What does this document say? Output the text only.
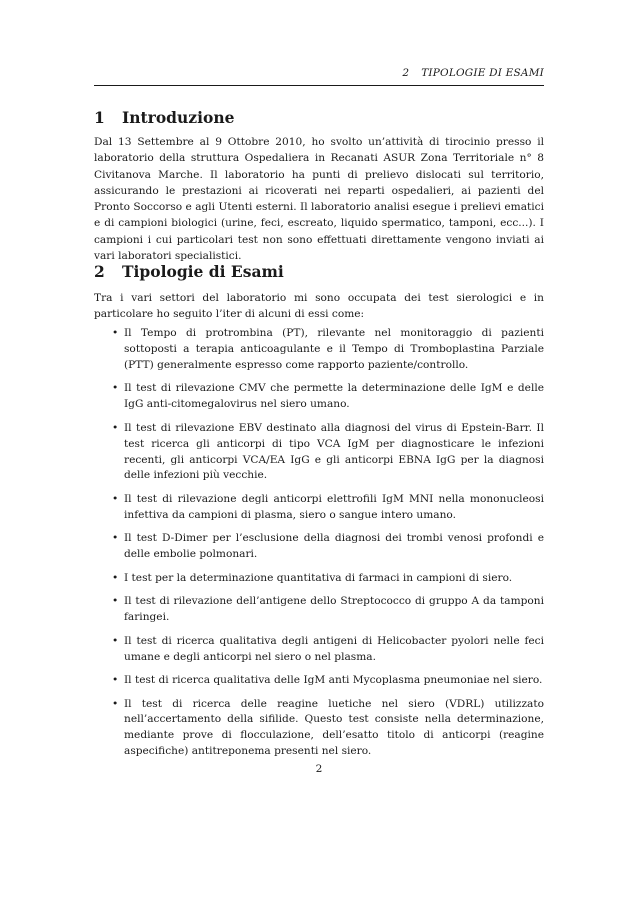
2 TIPOLOGIE DI ESAMI
1 Introduzione

Dal 13 Settembre al 9 Ottobre 2010, ho svolto un’attività di tirocinio presso il laboratorio della struttura Ospedaliera in Recanati ASUR Zona Territoriale n° 8 Civitanova Marche. Il laboratorio ha punti di prelievo dislocati sul territorio, assicurando le prestazioni ai ricoverati nei reparti ospedalieri, ai pazienti del Pronto Soccorso e agli Utenti esterni. Il laboratorio analisi esegue i prelievi ematici e di campioni biologici (urine, feci, escreato, liquido spermatico, tamponi, ecc...). I campioni i cui particolari test non sono effettuati direttamente vengono inviati ai vari laboratori specialistici.

2 Tipologie di Esami

Tra i vari settori del laboratorio mi sono occupata dei test sierologici e in particolare ho seguito l’iter di alcuni di essi come:

• Il Tempo di protrombina (PT), rilevante nel monitoraggio di pazienti sottoposti a terapia anticoagulante e il Tempo di Tromboplastina Parziale (PTT) generalmente espresso come rapporto paziente/controllo.
• Il test di rilevazione CMV che permette la determinazione delle IgM e delle IgG anti-citomegalovirus nel siero umano.
• Il test di rilevazione EBV destinato alla diagnosi del virus di Epstein-Barr. Il test ricerca gli anticorpi di tipo VCA IgM per diagnosticare le infezioni recenti, gli anticorpi VCA/EA IgG e gli anticorpi EBNA IgG per la diagnosi delle infezioni più vecchie.
• Il test di rilevazione degli anticorpi elettrofili IgM MNI nella mononucleosi infettiva da campioni di plasma, siero o sangue intero umano.
• Il test D-Dimer per l’esclusione della diagnosi dei trombi venosi profondi e delle embolie polmonari.
• I test per la determinazione quantitativa di farmaci in campioni di siero.
• Il test di rilevazione dell’antigene dello Streptococco di gruppo A da tamponi faringei.
• Il test di ricerca qualitativa degli antigeni di Helicobacter pyolori nelle feci umane e degli anticorpi nel siero o nel plasma.
• Il test di ricerca qualitativa delle IgM anti Mycoplasma pneumoniae nel siero.
• Il test di ricerca delle reagine luetiche nel siero (VDRL) utilizzato nell’accertamento della sifilide. Questo test consiste nella determinazione, mediante prove di flocculazione, dell’esatto titolo di anticorpi (reagine aspecifiche) antitreponema presenti nel siero.
2
